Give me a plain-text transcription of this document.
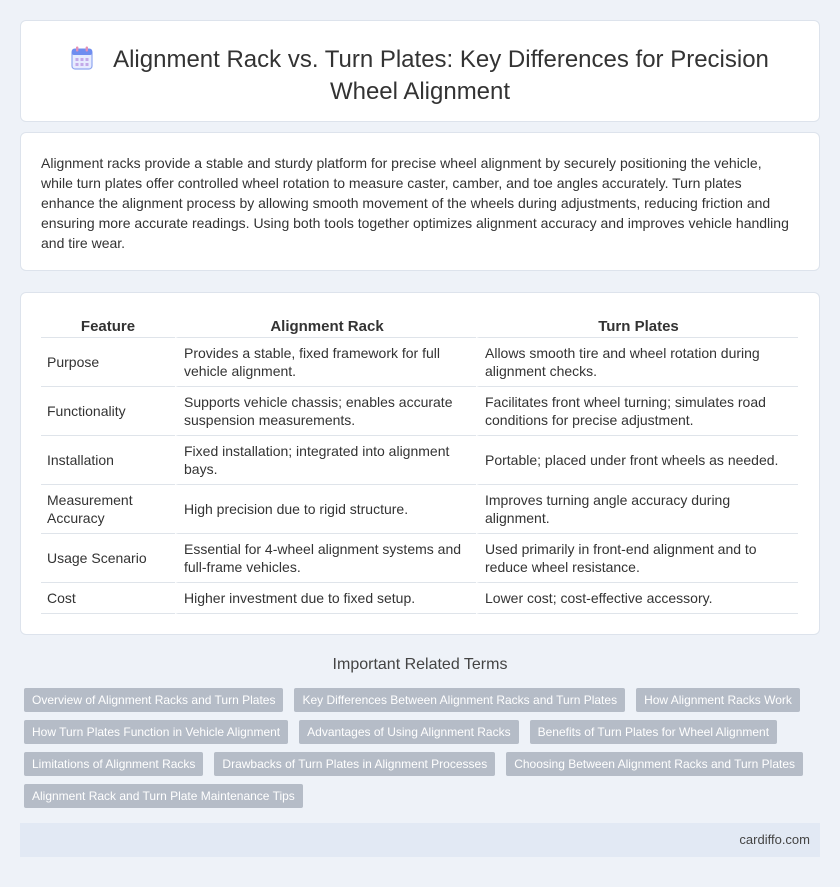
Alignment Rack vs. Turn Plates: Key Differences for Precision Wheel Alignment

Alignment racks provide a stable and sturdy platform for precise wheel alignment by securely positioning the vehicle, while turn plates offer controlled wheel rotation to measure caster, camber, and toe angles accurately. Turn plates enhance the alignment process by allowing smooth movement of the wheels during adjustments, reducing friction and ensuring more accurate readings. Using both tools together optimizes alignment accuracy and improves vehicle handling and tire wear.

Feature	Alignment Rack	Turn Plates
Purpose	Provides a stable, fixed framework for full vehicle alignment.	Allows smooth tire and wheel rotation during alignment checks.
Functionality	Supports vehicle chassis; enables accurate suspension measurements.	Facilitates front wheel turning; simulates road conditions for precise adjustment.
Installation	Fixed installation; integrated into alignment bays.	Portable; placed under front wheels as needed.
Measurement Accuracy	High precision due to rigid structure.	Improves turning angle accuracy during alignment.
Usage Scenario	Essential for 4-wheel alignment systems and full-frame vehicles.	Used primarily in front-end alignment and to reduce wheel resistance.
Cost	Higher investment due to fixed setup.	Lower cost; cost-effective accessory.
Important Related Terms
Overview of Alignment Racks and Turn Plates	Key Differences Between Alignment Racks and Turn Plates	How Alignment Racks Work
How Turn Plates Function in Vehicle Alignment	Advantages of Using Alignment Racks	Benefits of Turn Plates for Wheel Alignment
Limitations of Alignment Racks	Drawbacks of Turn Plates in Alignment Processes	Choosing Between Alignment Racks and Turn Plates
Alignment Rack and Turn Plate Maintenance Tips
cardiffo.com
